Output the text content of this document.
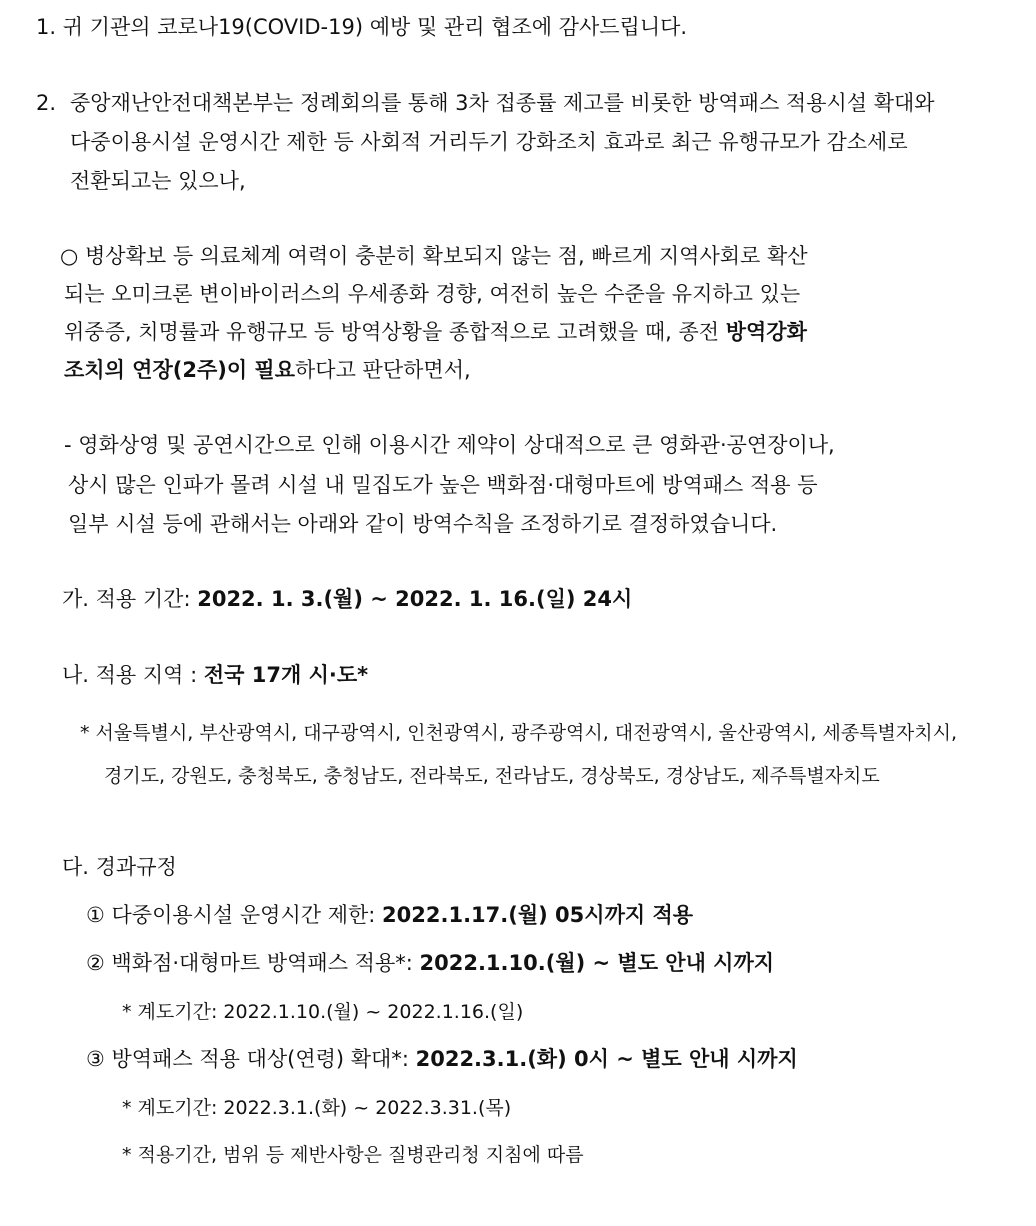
1. 귀 기관의 코로나19(COVID-19) 예방 및 관리 협조에 감사드립니다.
2. 중앙재난안전대책본부는 정례회의를 통해 3차 접종률 제고를 비롯한 방역패스 적용시설 확대와
다중이용시설 운영시간 제한 등 사회적 거리두기 강화조치 효과로 최근 유행규모가 감소세로
전환되고는 있으나,
○ 병상확보 등 의료체계 여력이 충분히 확보되지 않는 점, 빠르게 지역사회로 확산
되는 오미크론 변이바이러스의 우세종화 경향, 여전히 높은 수준을 유지하고 있는
위중증, 치명률과 유행규모 등 방역상황을 종합적으로 고려했을 때, 종전 방역강화
조치의 연장(2주)이 필요하다고 판단하면서,
- 영화상영 및 공연시간으로 인해 이용시간 제약이 상대적으로 큰 영화관·공연장이나,
상시 많은 인파가 몰려 시설 내 밀집도가 높은 백화점·대형마트에 방역패스 적용 등
일부 시설 등에 관해서는 아래와 같이 방역수칙을 조정하기로 결정하였습니다.
가. 적용 기간: 2022. 1. 3.(월) ~ 2022. 1. 16.(일) 24시
나. 적용 지역 : 전국 17개 시·도*
* 서울특별시, 부산광역시, 대구광역시, 인천광역시, 광주광역시, 대전광역시, 울산광역시, 세종특별자치시,
경기도, 강원도, 충청북도, 충청남도, 전라북도, 전라남도, 경상북도, 경상남도, 제주특별자치도
다. 경과규정
① 다중이용시설 운영시간 제한: 2022.1.17.(월) 05시까지 적용
② 백화점·대형마트 방역패스 적용*: 2022.1.10.(월) ~ 별도 안내 시까지
* 계도기간: 2022.1.10.(월) ~ 2022.1.16.(일)
③ 방역패스 적용 대상(연령) 확대*: 2022.3.1.(화) 0시 ~ 별도 안내 시까지
* 계도기간: 2022.3.1.(화) ~ 2022.3.31.(목)
* 적용기간, 범위 등 제반사항은 질병관리청 지침에 따름
